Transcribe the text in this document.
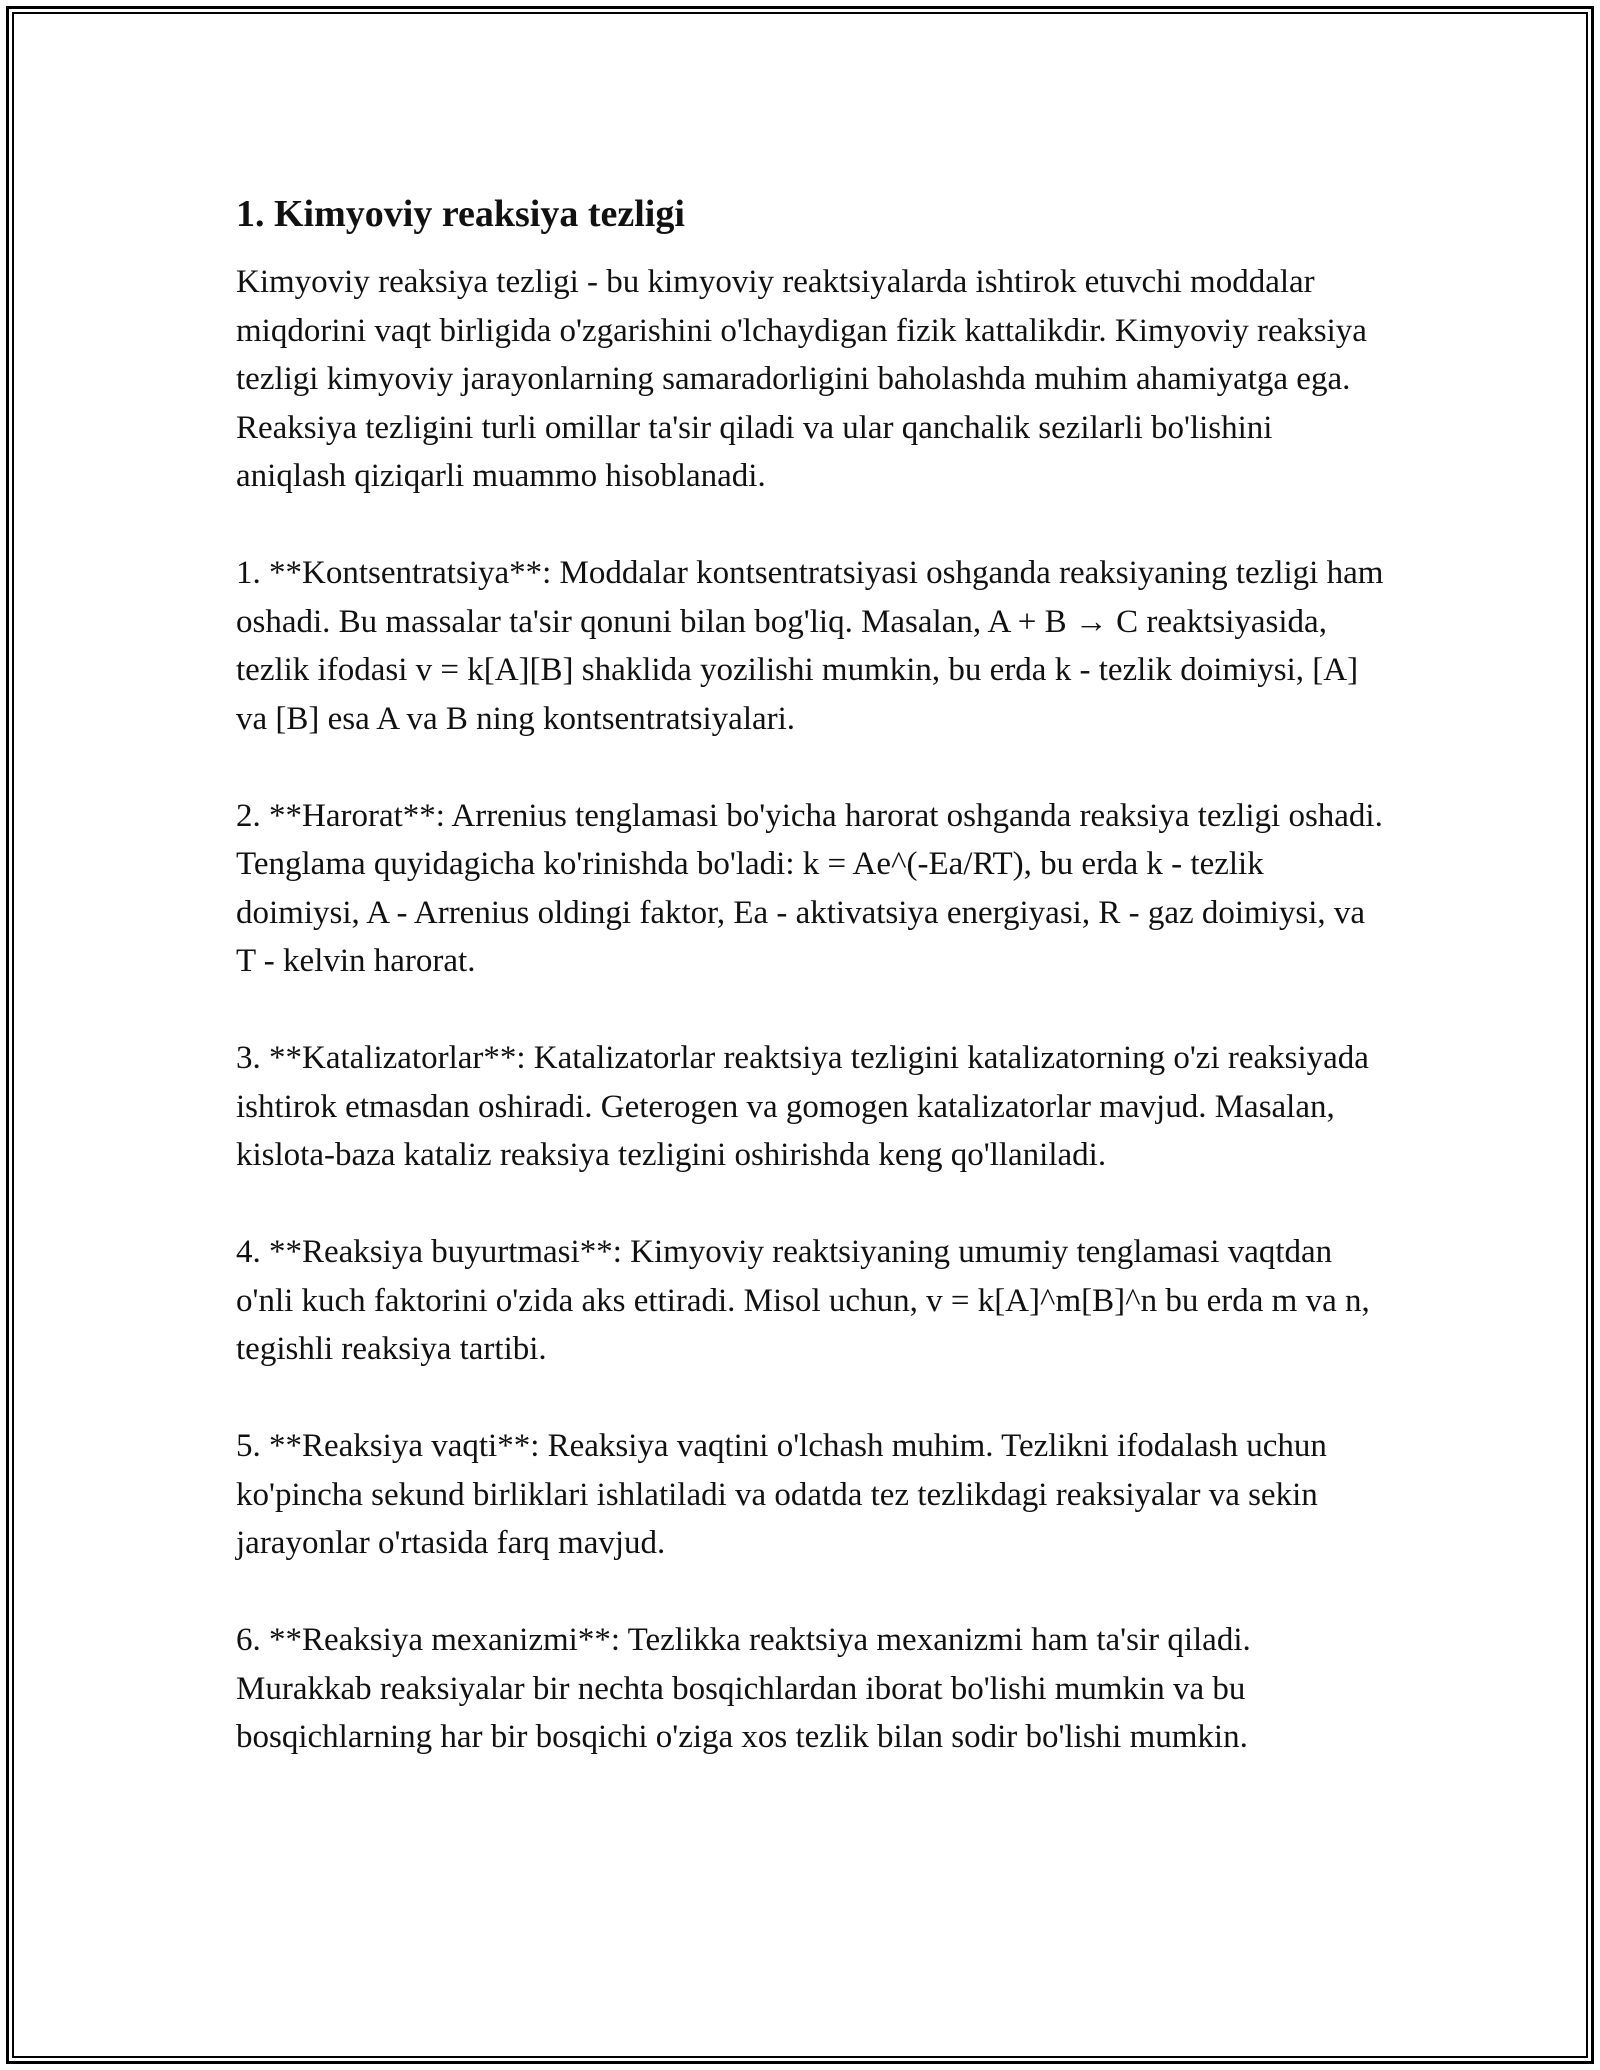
1. Kimyoviy reaksiya tezligi

Kimyoviy reaksiya tezligi - bu kimyoviy reaktsiyalarda ishtirok etuvchi moddalar miqdorini vaqt birligida o'zgarishini o'lchaydigan fizik kattalikdir. Kimyoviy reaksiya tezligi kimyoviy jarayonlarning samaradorligini baholashda muhim ahamiyatga ega. Reaksiya tezligini turli omillar ta'sir qiladi va ular qanchalik sezilarli bo'lishini aniqlash qiziqarli muammo hisoblanadi.

1. **Kontsentratsiya**: Moddalar kontsentratsiyasi oshganda reaksiyaning tezligi ham oshadi. Bu massalar ta'sir qonuni bilan bog'liq. Masalan, A + B → C reaktsiyasida, tezlik ifodasi v = k[A][B] shaklida yozilishi mumkin, bu erda k - tezlik doimiysi, [A] va [B] esa A va B ning kontsentratsiyalari.

2. **Harorat**: Arrenius tenglamasi bo'yicha harorat oshganda reaksiya tezligi oshadi. Tenglama quyidagicha ko'rinishda bo'ladi: k = Ae^(-Ea/RT), bu erda k - tezlik doimiysi, A - Arrenius oldingi faktor, Ea - aktivatsiya energiyasi, R - gaz doimiysi, va T - kelvin harorat.

3. **Katalizatorlar**: Katalizatorlar reaktsiya tezligini katalizatorning o'zi reaksiyada ishtirok etmasdan oshiradi. Geterogen va gomogen katalizatorlar mavjud. Masalan, kislota-baza kataliz reaksiya tezligini oshirishda keng qo'llaniladi.

4. **Reaksiya buyurtmasi**: Kimyoviy reaktsiyaning umumiy tenglamasi vaqtdan o'nli kuch faktorini o'zida aks ettiradi. Misol uchun, v = k[A]^m[B]^n bu erda m va n, tegishli reaksiya tartibi.

5. **Reaksiya vaqti**: Reaksiya vaqtini o'lchash muhim. Tezlikni ifodalash uchun ko'pincha sekund birliklari ishlatiladi va odatda tez tezlikdagi reaksiyalar va sekin jarayonlar o'rtasida farq mavjud.

6. **Reaksiya mexanizmi**: Tezlikka reaktsiya mexanizmi ham ta'sir qiladi. Murakkab reaksiyalar bir nechta bosqichlardan iborat bo'lishi mumkin va bu bosqichlarning har bir bosqichi o'ziga xos tezlik bilan sodir bo'lishi mumkin.
